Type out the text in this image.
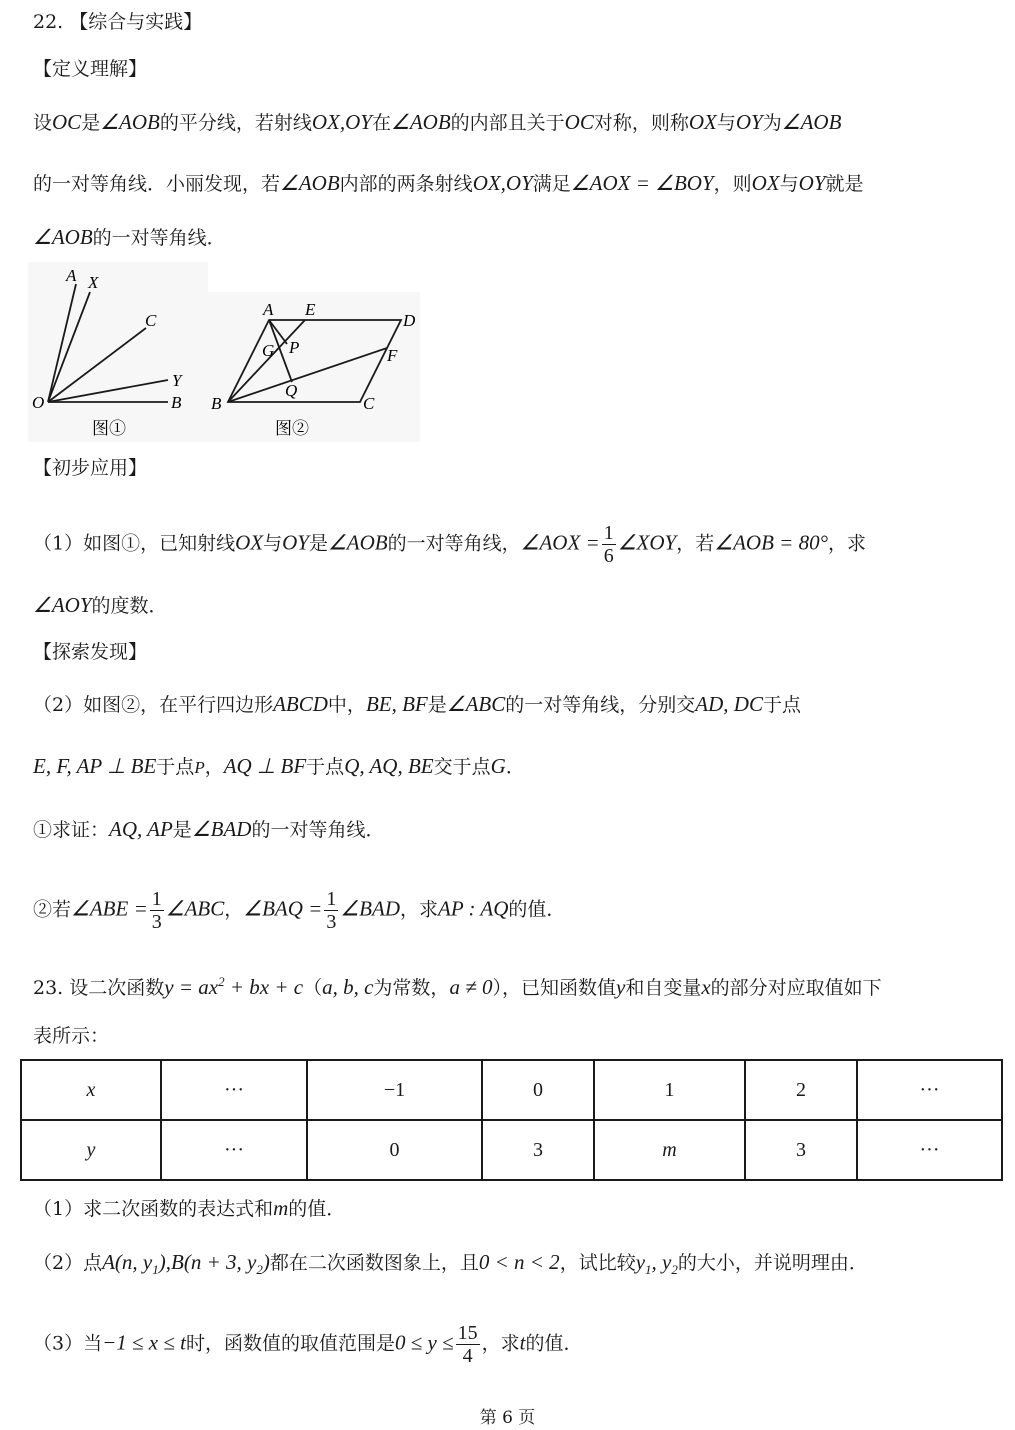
22. 【综合与实践】
【定义理解】
设OC是∠AOB的平分线，若射线OX,OY在∠AOB的内部且关于OC对称，则称OX与OY为∠AOB
的一对等角线．小丽发现，若∠AOB内部的两条射线OX,OY满足∠AOX = ∠BOY，则OX与OY就是
∠AOB的一对等角线．
A X
C
Y
O	B
图①
A E
D
G P	F
Q
B	C
图②
【初步应用】
（1）如图①，已知射线OX与OY是∠AOB的一对等角线，∠AOX = $\frac{1}{6}$ ∠XOY，若∠AOB = 80°，求
∠AOY的度数．
【探索发现】
（2）如图②，在平行四边形ABCD中，BE, BF是∠ABC的一对等角线，分别交AD, DC于点
E, F, AP ⊥ BE于点P，AQ ⊥ BF于点Q, AQ, BE交于点G．
①求证：AQ, AP是∠BAD的一对等角线．
②若∠ABE = $\frac{1}{3}$ ∠ABC，∠BAQ = $\frac{1}{3}$ ∠BAD，求AP : AQ的值．
23. 设二次函数$y = ax^2$ + bx + c（a, b, c为常数，a ≠ 0），已知函数值y和自变量x的部分对应取值如下
表所示：
x	···	−1	0	1	2	···
y	···	0	3	m	3	···
（1）求二次函数的表达式和m的值．
（2）点A(n, $y_1),B(n + 3$, $y_2$)都在二次函数图象上，且0 < n < 2，试比较$y_1$, $y_2$的大小，并说明理由．
（3）当−1 ≤ x ≤ t时，函数值的取值范围是$0 \le y \le \frac{15}{4}$ ，求t的值．
第 6 页
